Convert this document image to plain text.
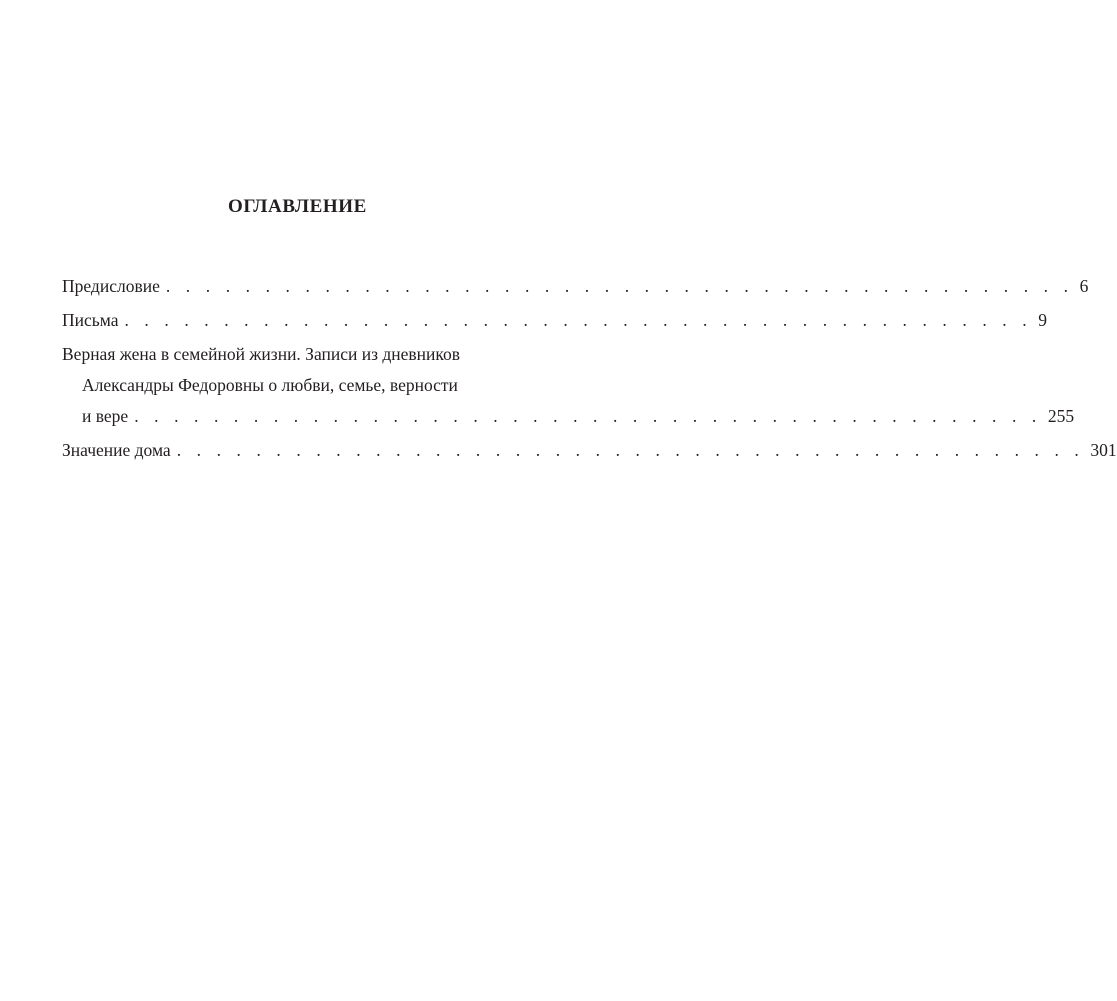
ОГЛАВЛЕНИЕ
Предисловие . . . . . . . . . . . . . . . . . . . . . . . . . . . . . . . . . . . . . . . . . . . . . . 6
Письма . . . . . . . . . . . . . . . . . . . . . . . . . . . . . . . . . . . . . . . . . . . . . . 9
Верная жена в семейной жизни. Записи из дневников
Александры Федоровны о любви, семье, верности
и вере . . . . . . . . . . . . . . . . . . . . . . . . . . . . . . . . . . . . . . . . . . . . . . 255
Значение дома . . . . . . . . . . . . . . . . . . . . . . . . . . . . . . . . . . . . . . . . . . . . . . 301
